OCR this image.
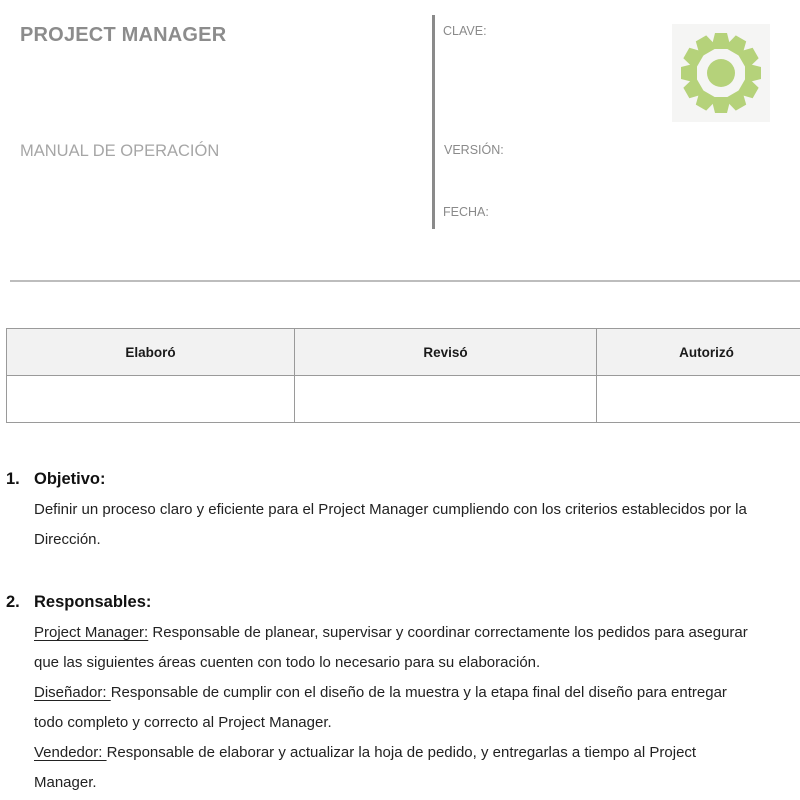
PROJECT MANAGER
MANUAL DE OPERACIÓN
CLAVE:
VERSIÓN:
FECHA:
Elaboró	Revisó	Autorizó

1. Objetivo:
Definir un proceso claro y eficiente para el Project Manager cumpliendo con los criterios establecidos por la
Dirección.
2. Responsables:
Project Manager: Responsable de planear, supervisar y coordinar correctamente los pedidos para asegurar
que las siguientes áreas cuenten con todo lo necesario para su elaboración.
Diseñador: Responsable de cumplir con el diseño de la muestra y la etapa final del diseño para entregar
todo completo y correcto al Project Manager.
Vendedor: Responsable de elaborar y actualizar la hoja de pedido, y entregarlas a tiempo al Project
Manager.
